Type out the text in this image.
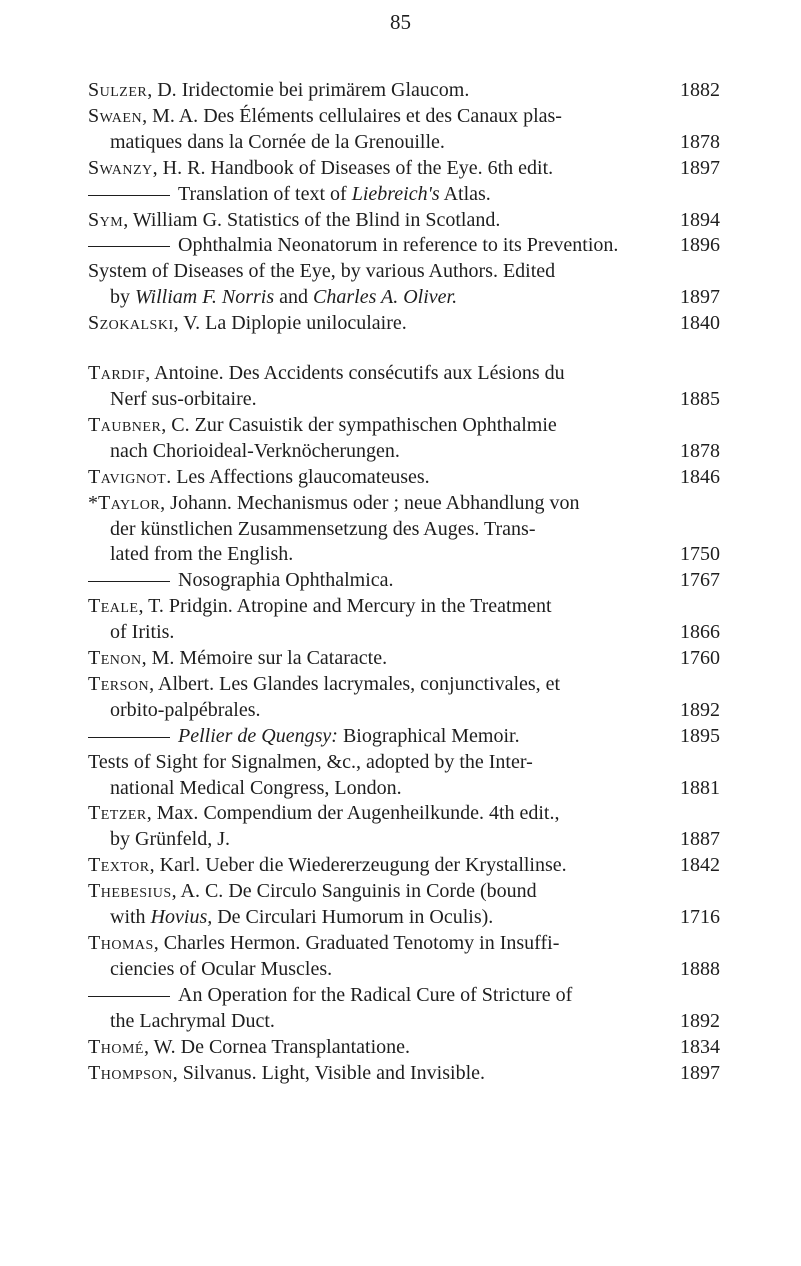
85
Sulzer, D. Iridectomie bei primärem Glaucom.	1882
Swaen, M. A. Des Éléments cellulaires et des Canaux plas-
matiques dans la Cornée de la Grenouille.	1878
Swanzy, H. R. Handbook of Diseases of the Eye. 6th edit.	1897
Translation of text of Liebreich's Atlas.
Sym, William G. Statistics of the Blind in Scotland.	1894
Ophthalmia Neonatorum in reference to its Prevention.	1896
System of Diseases of the Eye, by various Authors. Edited
by William F. Norris and Charles A. Oliver.	1897
Szokalski, V. La Diplopie uniloculaire.	1840
Tardif, Antoine. Des Accidents consécutifs aux Lésions du
Nerf sus-orbitaire.	1885
Taubner, C. Zur Casuistik der sympathischen Ophthalmie
nach Chorioideal-Verknöcherungen.	1878
Tavignot. Les Affections glaucomateuses.	1846
*Taylor, Johann. Mechanismus oder ; neue Abhandlung von
der künstlichen Zusammensetzung des Auges. Trans-
lated from the English.	1750
Nosographia Ophthalmica.	1767
Teale, T. Pridgin. Atropine and Mercury in the Treatment
of Iritis.	1866
Tenon, M. Mémoire sur la Cataracte.	1760
Terson, Albert. Les Glandes lacrymales, conjunctivales, et
orbito-palpébrales.	1892
Pellier de Quengsy: Biographical Memoir.	1895
Tests of Sight for Signalmen, &c., adopted by the Inter-
national Medical Congress, London.	1881
Tetzer, Max. Compendium der Augenheilkunde. 4th edit.,
by Grünfeld, J.	1887
Textor, Karl. Ueber die Wiedererzeugung der Krystallinse.	1842
Thebesius, A. C. De Circulo Sanguinis in Corde (bound
with Hovius, De Circulari Humorum in Oculis).	1716
Thomas, Charles Hermon. Graduated Tenotomy in Insuffi-
ciencies of Ocular Muscles.	1888
An Operation for the Radical Cure of Stricture of
the Lachrymal Duct.	1892
Thomé, W. De Cornea Transplantatione.	1834
Thompson, Silvanus. Light, Visible and Invisible.	1897
